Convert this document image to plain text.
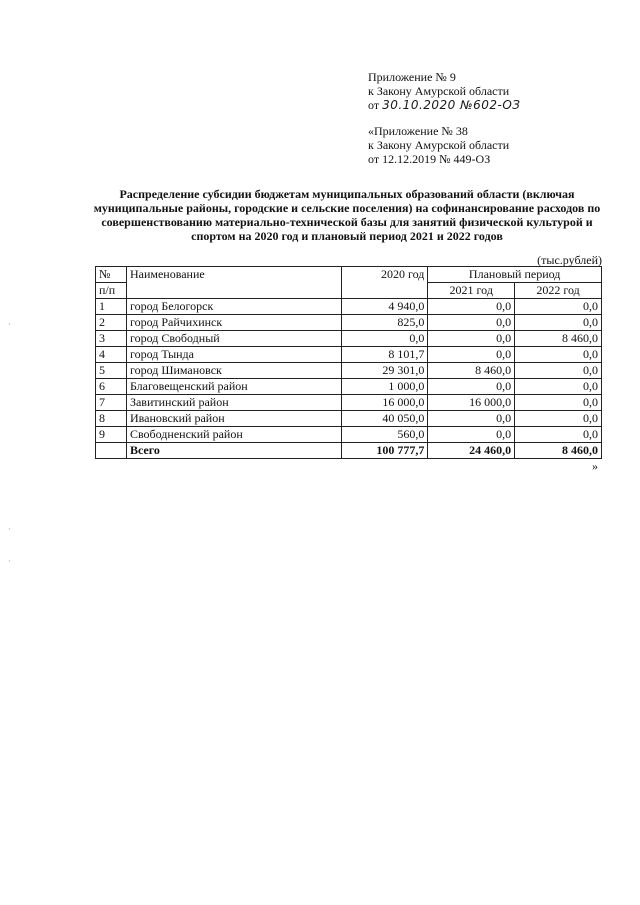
Приложение № 9
к Закону Амурской области
от 30.10.2020 №602-ОЗ
«Приложение № 38
к Закону Амурской области
от 12.12.2019 № 449-ОЗ
Распределение субсидии бюджетам муниципальных образований области (включая муниципальные районы, городские и сельские поселения) на софинансирование расходов по совершенствованию материально-технической базы для занятий физической культурой и спортом на 2020 год и плановый период 2021 и 2022 годов
(тыс.рублей)
№	Наименование	2020 год	Плановый период	
п/п			2021 год	2022 год
1	город Белогорск	4 940,0	0,0	0,0
2	город Райчихинск	825,0	0,0	0,0
3	город Свободный	0,0	0,0	8 460,0
4	город Тында	8 101,7	0,0	0,0
5	город Шимановск	29 301,0	8 460,0	0,0
6	Благовещенский район	1 000,0	0,0	0,0
7	Завитинский район	16 000,0	16 000,0	0,0
8	Ивановский район	40 050,0	0,0	0,0
9	Свободненский район	560,0	0,0	0,0
	Всего	100 777,7	24 460,0	8 460,0
»
·
·
·
